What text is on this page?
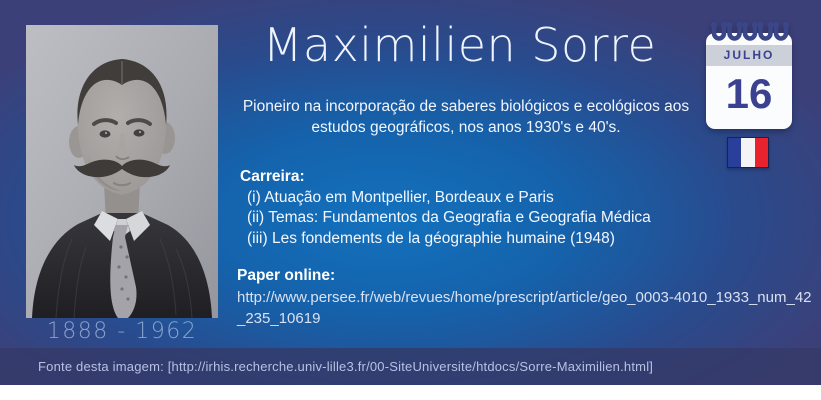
1888 - 1962
Maximilien Sorre

Pioneiro na incorporação de saberes biológicos e ecológicos aos estudos geográficos, nos anos 1930's e 40's.

Carreira:
(i) Atuação em Montpellier, Bordeaux e Paris
(ii) Temas: Fundamentos da Geografia e Geografia Médica
(iii) Les fondements de la géographie humaine (1948)
Paper online:
http://www.persee.fr/web/revues/home/prescript/article/geo_0003-4010_1933_num_42_235_10619
JULHO
16
Fonte desta imagem: [http://irhis.recherche.univ-lille3.fr/00-SiteUniversite/htdocs/Sorre-Maximilien.html]
